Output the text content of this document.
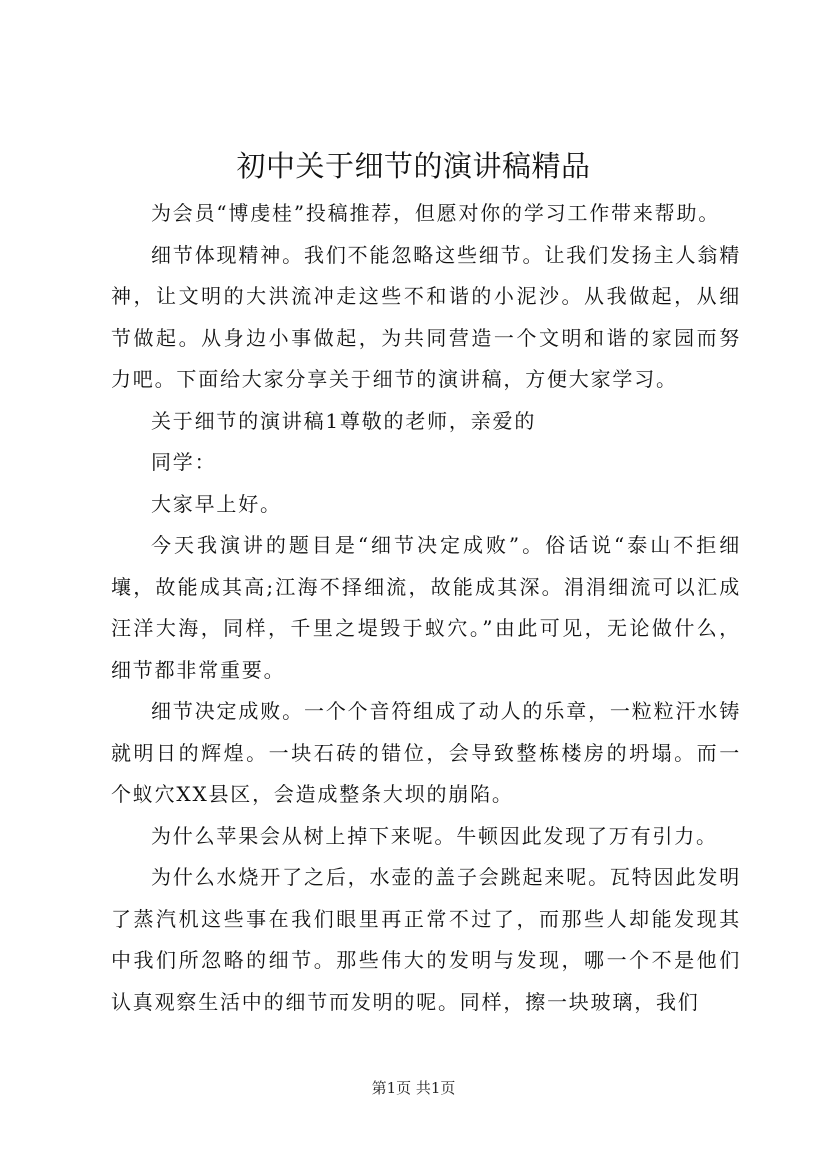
初中关于细节的演讲稿精品

为会员“博虔桂”投稿推荐，但愿对你的学习工作带来帮助。

细节体现精神。我们不能忽略这些细节。让我们发扬主人翁精神，让文明的大洪流冲走这些不和谐的小泥沙。从我做起，从细节做起。从身边小事做起，为共同营造一个文明和谐的家园而努力吧。下面给大家分享关于细节的演讲稿，方便大家学习。

关于细节的演讲稿1尊敬的老师，亲爱的

同学：

大家早上好。

今天我演讲的题目是“细节决定成败”。俗话说“泰山不拒细壤，故能成其高;江海不择细流，故能成其深。涓涓细流可以汇成汪洋大海，同样，千里之堤毁于蚁穴。”由此可见，无论做什么，细节都非常重要。

细节决定成败。一个个音符组成了动人的乐章，一粒粒汗水铸就明日的辉煌。一块石砖的错位，会导致整栋楼房的坍塌。而一个蚁穴XX县区，会造成整条大坝的崩陷。

为什么苹果会从树上掉下来呢。牛顿因此发现了万有引力。

为什么水烧开了之后，水壶的盖子会跳起来呢。瓦特因此发明了蒸汽机这些事在我们眼里再正常不过了，而那些人却能发现其中我们所忽略的细节。那些伟大的发明与发现，哪一个不是他们认真观察生活中的细节而发明的呢。同样，擦一块玻璃，我们

第1页 共1页
